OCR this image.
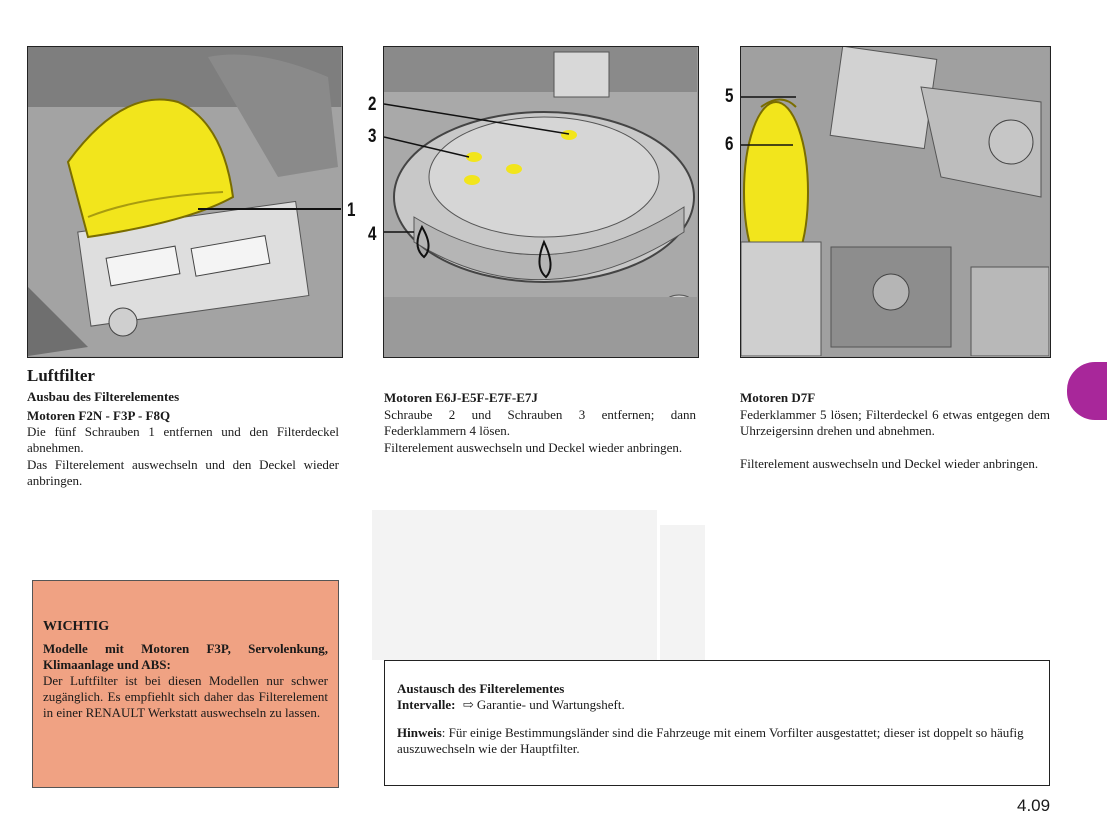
1
2
3
4
5
6
Luftfilter
Ausbau des Filterelementes
Motoren F2N - F3P - F8Q
Die fünf Schrauben 1 entfernen und den Filterdeckel abnehmen.
Das Filterelement auswechseln und den Deckel wieder anbringen.
Motoren E6J-E5F-E7F-E7J
Schraube 2 und Schrauben 3 entfernen; dann Federklammern 4 lösen.
Filterelement auswechseln und Deckel wieder anbringen.
Motoren D7F
Federklammer 5 lösen; Filterdeckel 6 etwas entgegen dem Uhrzeigersinn drehen und abnehmen.
Filterelement auswechseln und Deckel wieder anbringen.
WICHTIG
Modelle mit Motoren F3P, Servolenkung, Klimaanlage und ABS:
Der Luftfilter ist bei diesen Modellen nur schwer zugänglich. Es empfiehlt sich daher das Filterelement in einer RENAULT Werkstatt auswechseln zu lassen.
Austausch des Filterelementes
Intervalle: ⇨ Garantie- und Wartungsheft.
Hinweis: Für einige Bestimmungsländer sind die Fahrzeuge mit einem Vorfilter ausgestattet; dieser ist doppelt so häufig auszuwechseln wie der Hauptfilter.
4.09
